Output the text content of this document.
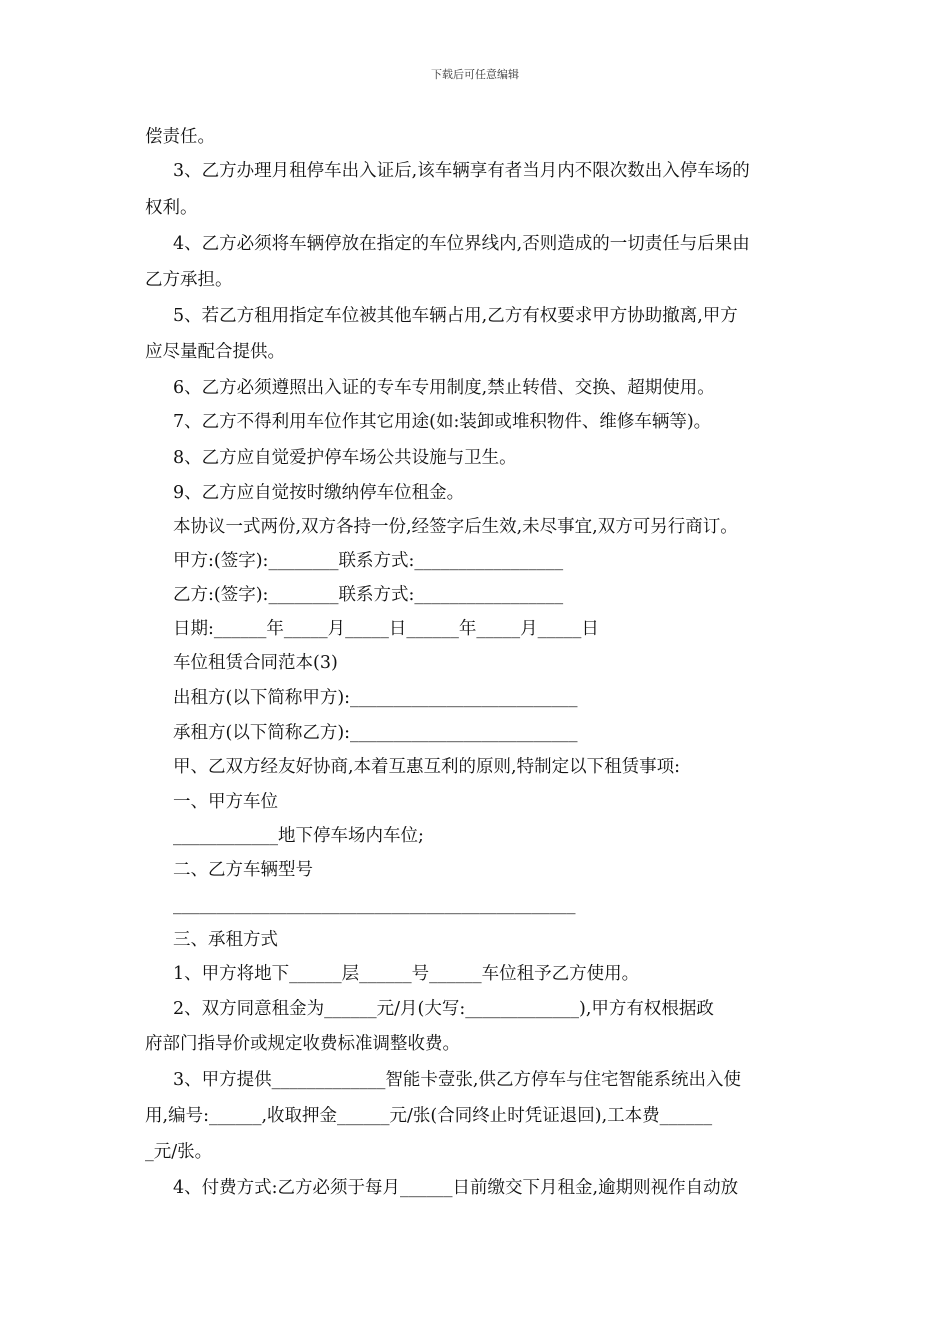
下载后可任意编辑
偿责任。
3、乙方办理月租停车出入证后,该车辆享有者当月内不限次数出入停车场的
权利。
4、乙方必须将车辆停放在指定的车位界线内,否则造成的一切责任与后果由
乙方承担。
5、若乙方租用指定车位被其他车辆占用,乙方有权要求甲方协助撤离,甲方
应尽量配合提供。
6、乙方必须遵照出入证的专车专用制度,禁止转借、交换、超期使用。
7、乙方不得利用车位作其它用途(如:装卸或堆积物件、维修车辆等)。
8、乙方应自觉爱护停车场公共设施与卫生。
9、乙方应自觉按时缴纳停车位租金。
本协议一式两份,双方各持一份,经签字后生效,未尽事宜,双方可另行商订。
甲方:(签字):________联系方式:_________________
乙方:(签字):________联系方式:_________________
日期:______年_____月_____日______年_____月_____日
车位租赁合同范本(3)
出租方(以下简称甲方):__________________________
承租方(以下简称乙方):__________________________
甲、乙双方经友好协商,本着互惠互利的原则,特制定以下租赁事项:
一、甲方车位
____________地下停车场内车位;
二、乙方车辆型号
______________________________________________
三、承租方式
1、甲方将地下______层______号______车位租予乙方使用。
2、双方同意租金为______元/月(大写:_____________),甲方有权根据政
府部门指导价或规定收费标准调整收费。
3、甲方提供_____________智能卡壹张,供乙方停车与住宅智能系统出入使
用,编号:______,收取押金______元/张(合同终止时凭证退回),工本费______
_元/张。
4、付费方式:乙方必须于每月______日前缴交下月租金,逾期则视作自动放
